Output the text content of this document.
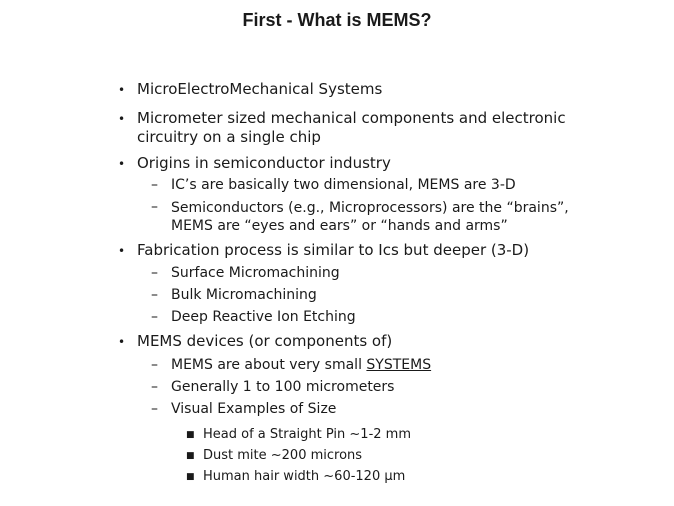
First - What is MEMS?
• MicroElectroMechanical Systems
• Micrometer sized mechanical components and electronic
circuitry on a single chip
• Origins in semiconductor industry
– IC’s are basically two dimensional, MEMS are 3-D
– Semiconductors (e.g., Microprocessors) are the “brains”,
MEMS are “eyes and ears” or “hands and arms”
• Fabrication process is similar to Ics but deeper (3-D)
– Surface Micromachining
– Bulk Micromachining
– Deep Reactive Ion Etching
• MEMS devices (or components of)
– MEMS are about very small SYSTEMS
– Generally 1 to 100 micrometers
– Visual Examples of Size
■ Head of a Straight Pin ~1-2 mm
■ Dust mite ~200 microns
■ Human hair width ~60-120 µm
